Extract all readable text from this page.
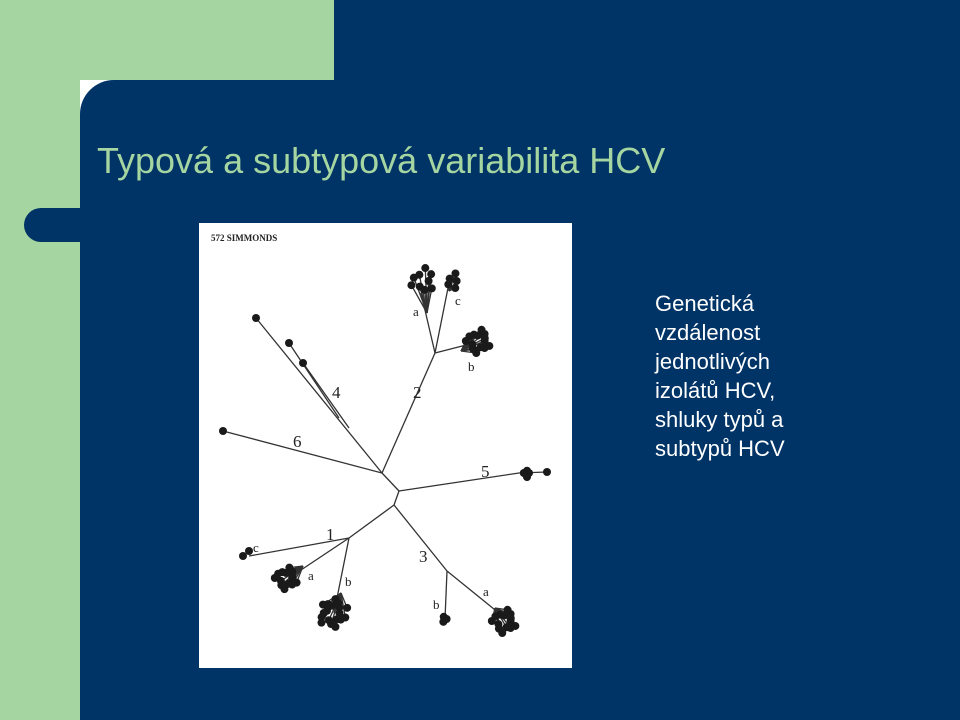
Typová a subtypová variabilita HCV
572 SIMMONDS
4	2
6
5
1
3
a
c
b
c
a b
b
a
Genetická
vzdálenost
jednotlivých
izolátů HCV,
shluky typů a
subtypů HCV
